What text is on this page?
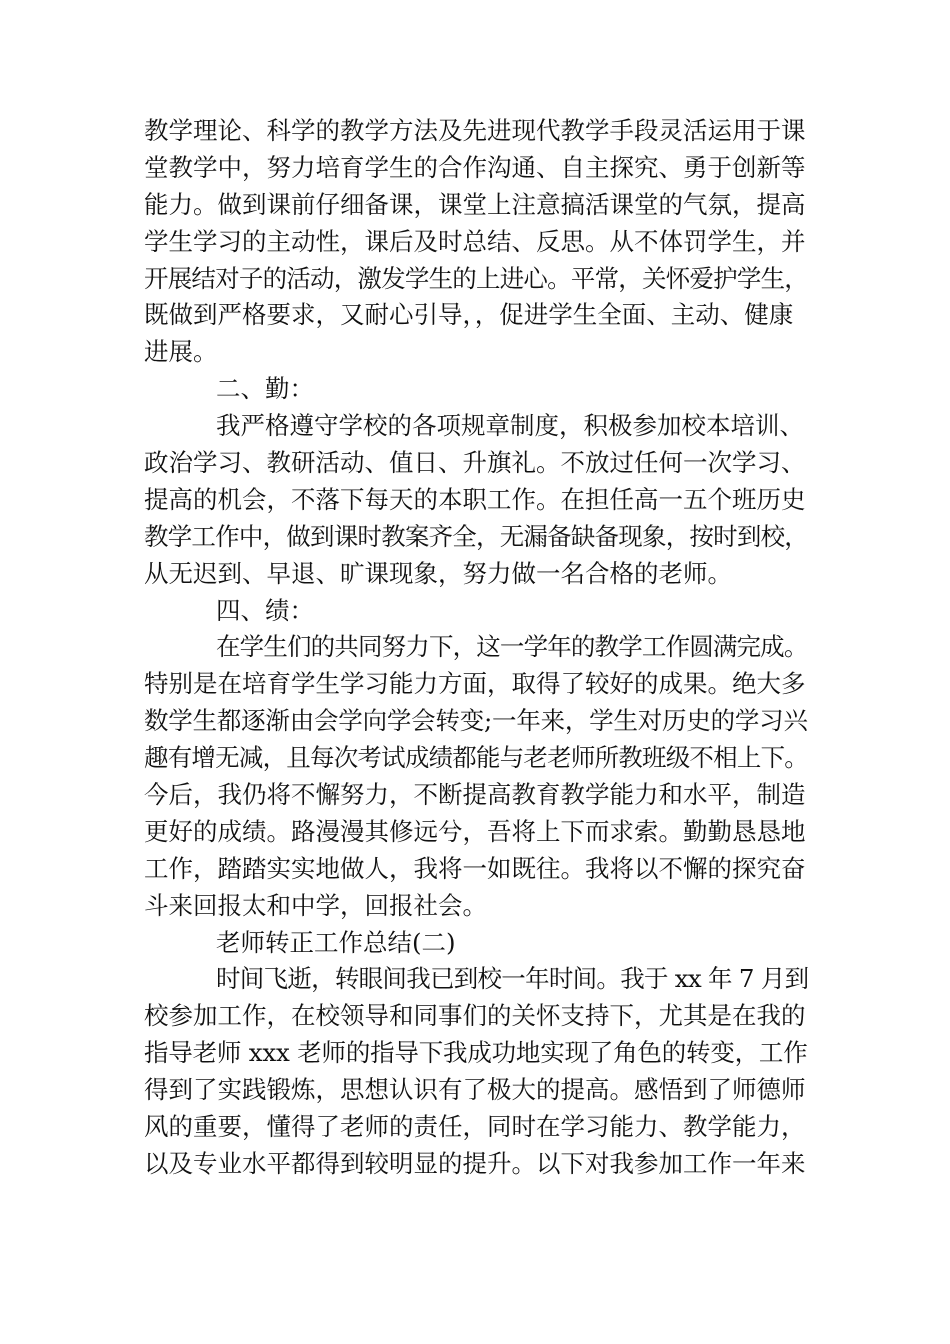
教学理论、科学的教学方法及先进现代教学手段灵活运用于课
堂教学中，努力培育学生的合作沟通、自主探究、勇于创新等
能力。做到课前仔细备课，课堂上注意搞活课堂的气氛，提高
学生学习的主动性，课后及时总结、反思。从不体罚学生，并
开展结对子的活动，激发学生的上进心。平常，关怀爱护学生，
既做到严格要求，又耐心引导，，促进学生全面、主动、健康
进展。
二、勤：
我严格遵守学校的各项规章制度，积极参加校本培训、
政治学习、教研活动、值日、升旗礼。不放过任何一次学习、
提高的机会，不落下每天的本职工作。在担任高一五个班历史
教学工作中，做到课时教案齐全，无漏备缺备现象，按时到校，
从无迟到、早退、旷课现象，努力做一名合格的老师。
四、绩：
在学生们的共同努力下，这一学年的教学工作圆满完成。
特别是在培育学生学习能力方面，取得了较好的成果。绝大多
数学生都逐渐由会学向学会转变;一年来，学生对历史的学习兴
趣有增无减，且每次考试成绩都能与老老师所教班级不相上下。
今后，我仍将不懈努力，不断提高教育教学能力和水平，制造
更好的成绩。路漫漫其修远兮，吾将上下而求索。勤勤恳恳地
工作，踏踏实实地做人，我将一如既往。我将以不懈的探究奋
斗来回报太和中学，回报社会。
老师转正工作总结(二)
时间飞逝，转眼间我已到校一年时间。我于 xx 年 7 月到
校参加工作，在校领导和同事们的关怀支持下，尤其是在我的
指导老师 xxx 老师的指导下我成功地实现了角色的转变，工作
得到了实践锻炼，思想认识有了极大的提高。感悟到了师德师
风的重要，懂得了老师的责任，同时在学习能力、教学能力，
以及专业水平都得到较明显的提升。以下对我参加工作一年来
